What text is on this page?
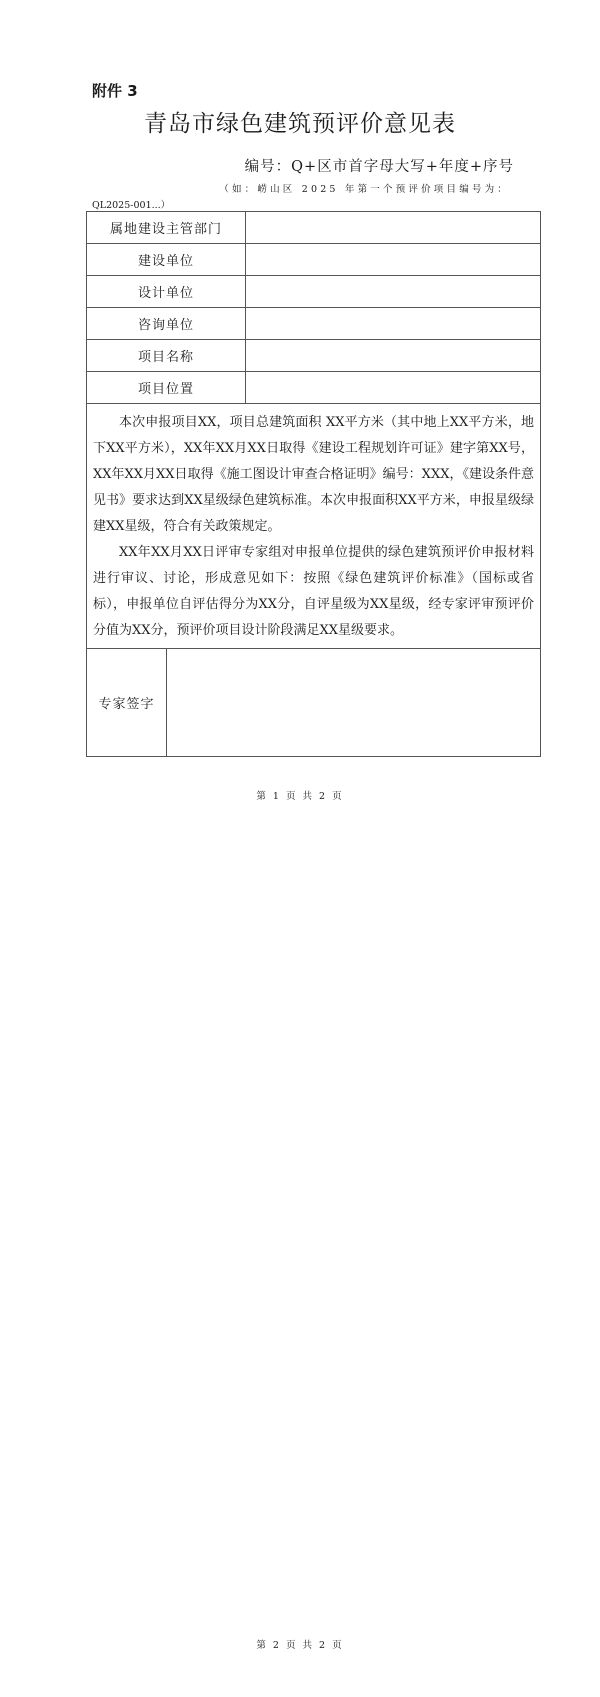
附件 3
青岛市绿色建筑预评价意见表
编号：Q+区市首字母大写+年度+序号
（如：崂山区 2025 年第一个预评价项目编号为：
QL2025-001...）
属地建设主管部门		
建设单位		
设计单位		
咨询单位		
项目名称		
项目位置		

本次申报项目XX，项目总建筑面积 XX平方米（其中地上XX平方米，地下XX平方米），XX年XX月XX日取得《建设工程规划许可证》建字第XX号，XX年XX月XX日取得《施工图设计审查合格证明》编号：XXX，《建设条件意见书》要求达到XX星级绿色建筑标准。本次申报面积XX平方米，申报星级绿建XX星级，符合有关政策规定。

XX年XX月XX日评审专家组对申报单位提供的绿色建筑预评价申报材料进行审议、讨论，形成意见如下：按照《绿色建筑评价标准》（国标或省标），申报单位自评估得分为XX分，自评星级为XX星级，经专家评审预评价分值为XX分，预评价项目设计阶段满足XX星级要求。		

专家签字		
第 1 页 共 2 页
第 2 页 共 2 页
